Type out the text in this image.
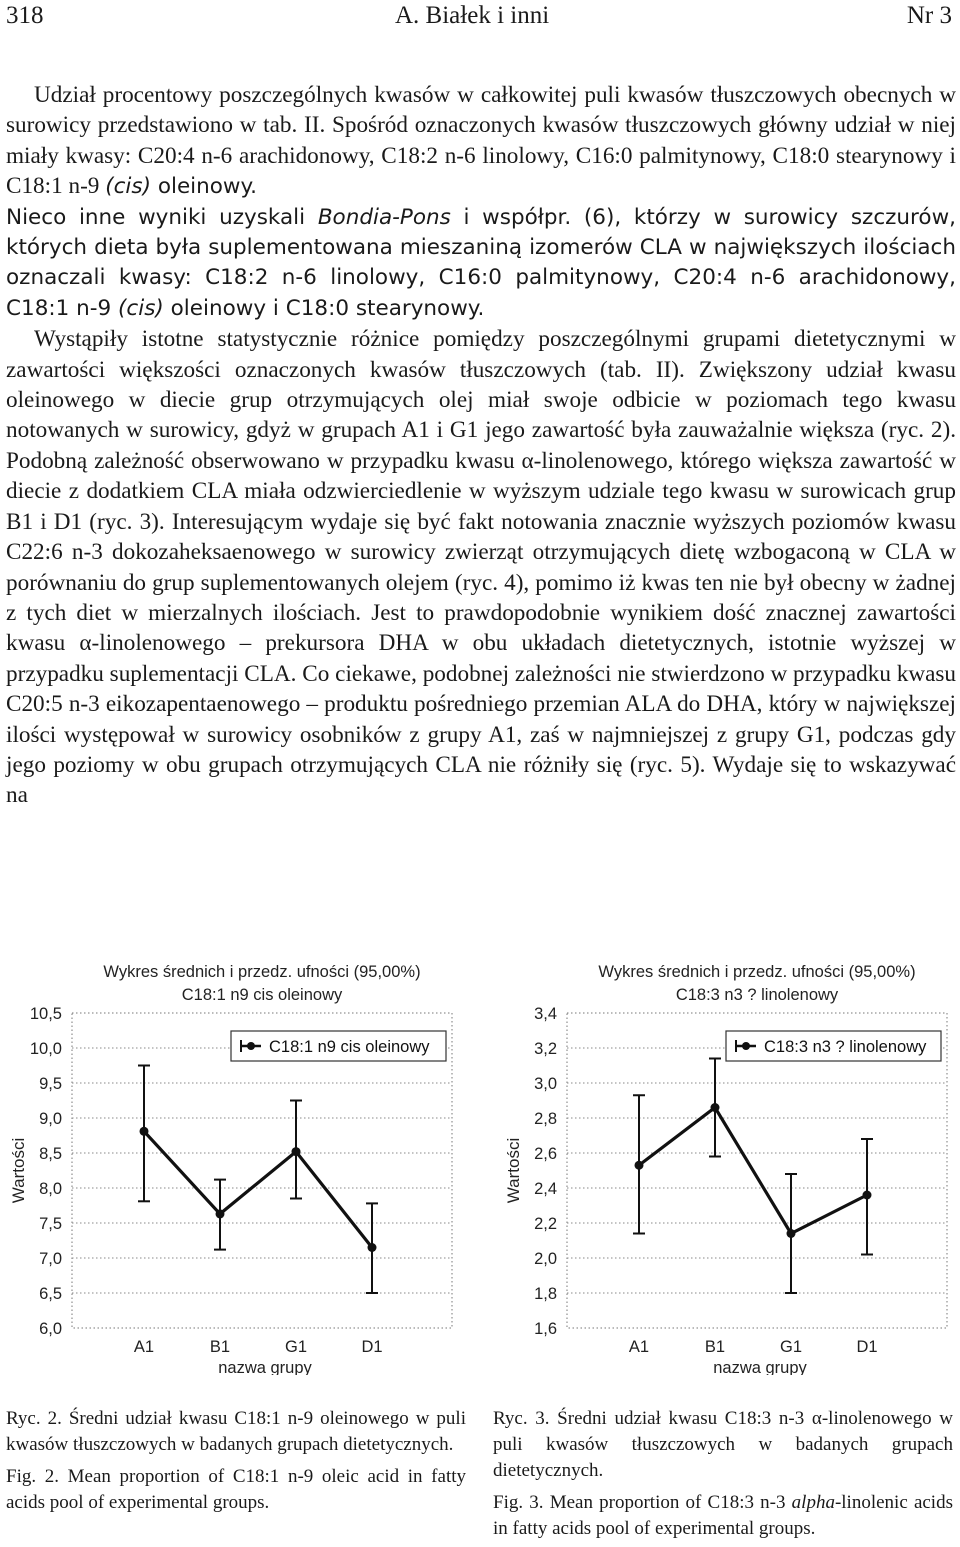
318	A. Białek i inni	Nr 3

Udział procentowy poszczególnych kwasów w całkowitej puli kwasów tłuszczowych obecnych w surowicy przedstawiono w tab. II. Spośród oznaczonych kwasów tłuszczowych główny udział w niej miały kwasy: C20:4 n-6 arachidonowy, C18:2 n-6 linolowy, C16:0 palmitynowy, C18:0 stearynowy i C18:1 n-9 (cis) oleinowy.

Nieco inne wyniki uzyskali Bondia-Pons i współpr. (6), którzy w surowicy szczurów, których dieta była suplementowana mieszaniną izomerów CLA w największych ilościach oznaczali kwasy: C18:2 n-6 linolowy, C16:0 palmitynowy, C20:4 n-6 arachidonowy, C18:1 n-9 (cis) oleinowy i C18:0 stearynowy.

Wystąpiły istotne statystycznie różnice pomiędzy poszczególnymi grupami dietetycznymi w zawartości większości oznaczonych kwasów tłuszczowych (tab. II). Zwiększony udział kwasu oleinowego w diecie grup otrzymujących olej miał swoje odbicie w poziomach tego kwasu notowanych w surowicy, gdyż w grupach A1 i G1 jego zawartość była zauważalnie większa (ryc. 2). Podobną zależność obserwowano w przypadku kwasu α-linolenowego, którego większa zawartość w diecie z dodatkiem CLA miała odzwierciedlenie w wyższym udziale tego kwasu w surowicach grup B1 i D1 (ryc. 3). Interesującym wydaje się być fakt notowania znacznie wyższych poziomów kwasu C22:6 n-3 dokozaheksaenowego w surowicy zwierząt otrzymujących dietę wzbogaconą w CLA w porównaniu do grup suplementowanych olejem (ryc. 4), pomimo iż kwas ten nie był obecny w żadnej z tych diet w mierzalnych ilościach. Jest to prawdopodobnie wynikiem dość znacznej zawartości kwasu α-linolenowego – prekursora DHA w obu układach dietetycznych, istotnie wyższej w przypadku suplementacji CLA. Co ciekawe, podobnej zależności nie stwierdzono w przypadku kwasu C20:5 n-3 eikozapentaenowego – produktu pośredniego przemian ALA do DHA, który w największej ilości występował w surowicy osobników z grupy A1, zaś w najmniejszej z grupy G1, podczas gdy jego poziomy w obu grupach otrzymujących CLA nie różniły się (ryc. 5). Wydaje się to wskazywać na

Wykres średnich i przedz. ufności (95,00%)
C18:1 n9 cis oleinowy
6,0
6,5
7,0
7,5
8,0
8,5
9,0
9,5
10,0
10,5
Wartości
A1	B1	G1	D1
nazwa grupy
C18:1 n9 cis oleinowy
Wykres średnich i przedz. ufności (95,00%)
C18:3 n3 ? linolenowy
1,6
1,8
2,0
2,2
2,4
2,6
2,8
3,0
3,2
3,4
Wartości
A1	B1	G1	D1
nazwa grupy
C18:3 n3 ? linolenowy

Ryc. 2. Średni udział kwasu C18:1 n-9 oleinowego w puli kwasów tłuszczowych w badanych grupach dietetycznych.

Fig. 2. Mean proportion of C18:1 n-9 oleic acid in fatty acids pool of experimental groups.

Ryc. 3. Średni udział kwasu C18:3 n-3 α-linolenowego w puli kwasów tłuszczowych w badanych grupach dietetycznych.

Fig. 3. Mean proportion of C18:3 n-3 alpha-linolenic acids in fatty acids pool of experimental groups.
